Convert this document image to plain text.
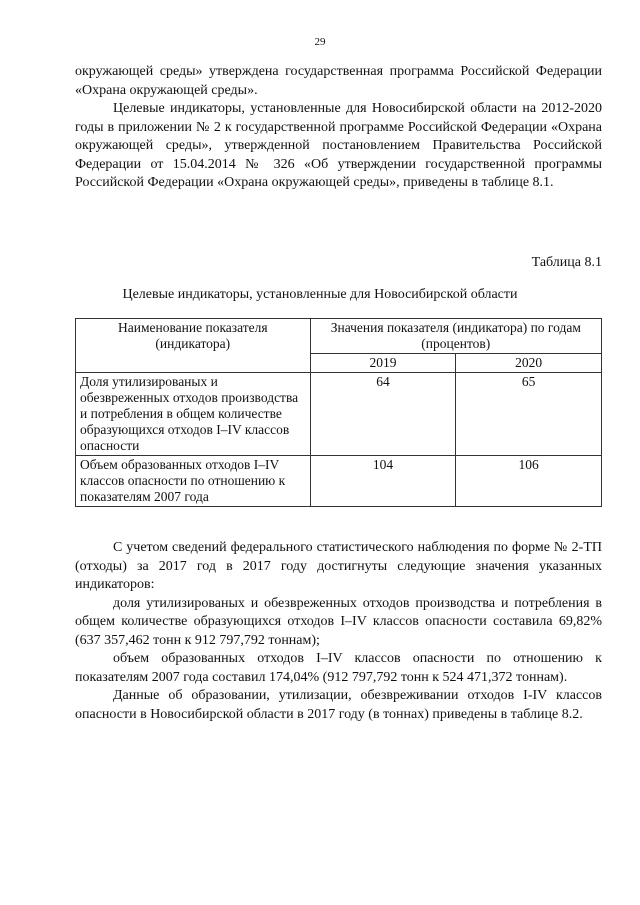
29

окружающей среды» утверждена государственная программа Российской Федерации «Охрана окружающей среды».

Целевые индикаторы, установленные для Новосибирской области на 2012-2020 годы в приложении № 2 к государственной программе Российской Федерации «Охрана окружающей среды», утвержденной постановлением Правительства Российской Федерации от 15.04.2014 № 326 «Об утверждении государственной программы Российской Федерации «Охрана окружающей среды», приведены в таблице 8.1.

Таблица 8.1
Целевые индикаторы, установленные для Новосибирской области
Наименование показателя (индикатора)	Значения показателя (индикатора) по годам (процентов)	
	2019	2020
Доля утилизированых и обезвреженных отходов производства и потребления в общем количестве образующихся отходов I–IV классов опасности	64	65
Объем образованных отходов I–IV классов опасности по отношению к показателям 2007 года	104	106

С учетом сведений федерального статистического наблюдения по форме № 2-ТП (отходы) за 2017 год в 2017 году достигнуты следующие значения указанных индикаторов:

доля утилизированых и обезвреженных отходов производства и потребления в общем количестве образующихся отходов I–IV классов опасности составила 69,82% (637 357,462 тонн к 912 797,792 тоннам);

объем образованных отходов I–IV классов опасности по отношению к показателям 2007 года составил 174,04% (912 797,792 тонн к 524 471,372 тоннам).

Данные об образовании, утилизации, обезвреживании отходов I-IV классов опасности в Новосибирской области в 2017 году (в тоннах) приведены в таблице 8.2.
